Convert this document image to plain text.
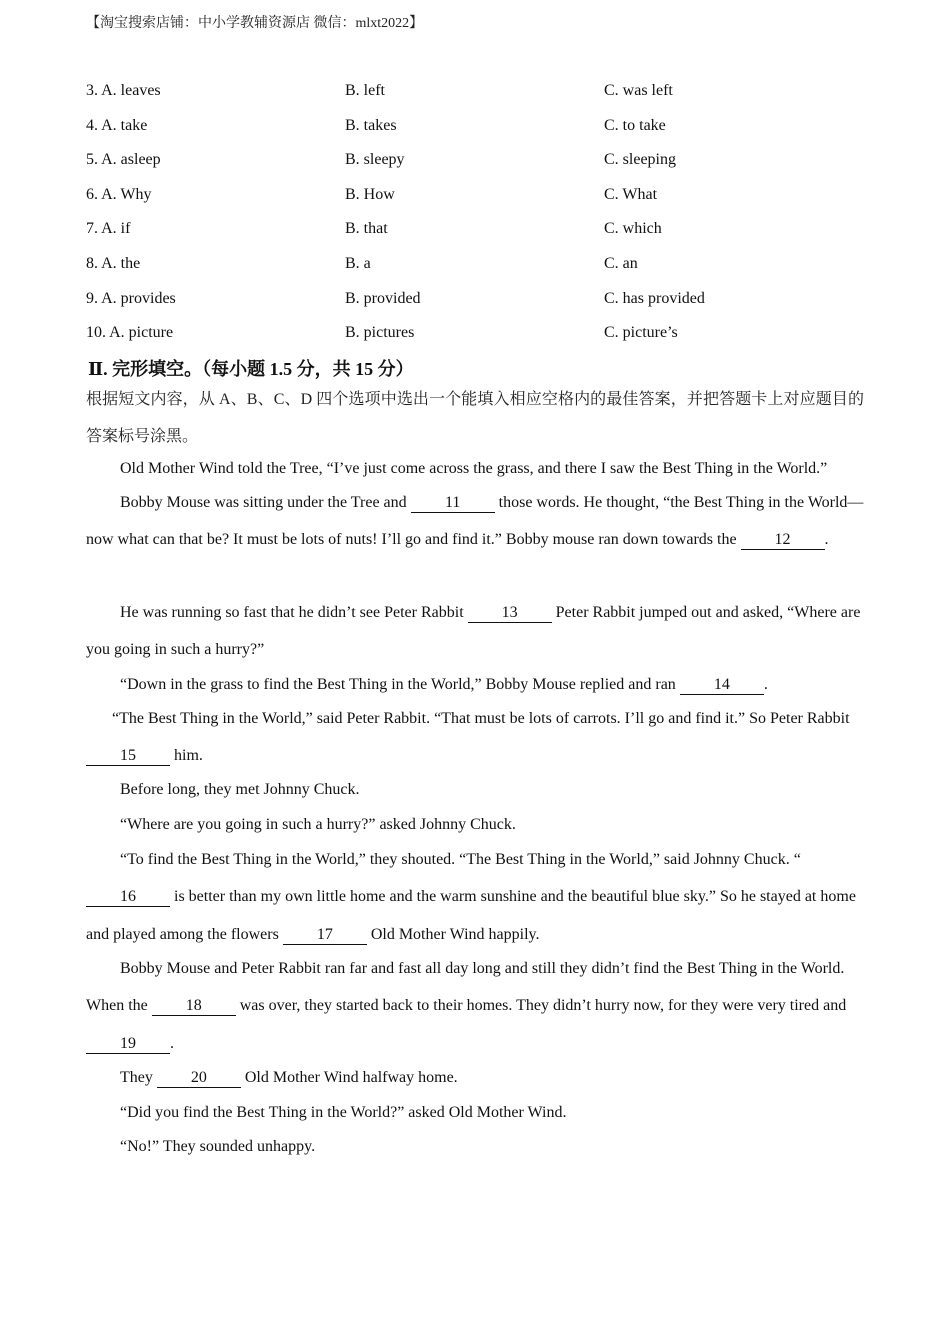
【淘宝搜索店铺：中小学教辅资源店 微信：mlxt2022】
3. A. leaves	B. left	C. was left
4. A. take	B. takes	C. to take
5. A. asleep	B. sleepy	C. sleeping
6. A. Why	B. How	C. What
7. A. if	B. that	C. which
8. A. the	B. a	C. an
9. A. provides	B. provided	C. has provided
10. A. picture	B. pictures	C. picture’s
Ⅱ. 完形填空。（每小题 1.5 分，共 15 分）
根据短文内容，从 A、B、C、D 四个选项中选出一个能填入相应空格内的最佳答案，并把答题卡上对应题目的答案标号涂黑。
Old Mother Wind told the Tree, “I’ve just come across the grass, and there I saw the Best Thing in the World.”
Bobby Mouse was sitting under the Tree and 11 those words. He thought, “the Best Thing in the World—now what can that be? It must be lots of nuts! I’ll go and find it.” Bobby mouse ran down towards the 12 .
He was running so fast that he didn’t see Peter Rabbit 13 Peter Rabbit jumped out and asked, “Where are you going in such a hurry?”
“Down in the grass to find the Best Thing in the World,” Bobby Mouse replied and ran 14 .
“The Best Thing in the World,” said Peter Rabbit. “That must be lots of carrots. I’ll go and find it.” So Peter Rabbit 15 him.
Before long, they met Johnny Chuck.
“Where are you going in such a hurry?” asked Johnny Chuck.
“To find the Best Thing in the World,” they shouted. “The Best Thing in the World,” said Johnny Chuck. “16 is better than my own little home and the warm sunshine and the beautiful blue sky.” So he stayed at home and played among the flowers 17 Old Mother Wind happily.
Bobby Mouse and Peter Rabbit ran far and fast all day long and still they didn’t find the Best Thing in the World. When the 18 was over, they started back to their homes. They didn’t hurry now, for they were very tired and 19 .
They 20 Old Mother Wind halfway home.
“Did you find the Best Thing in the World?” asked Old Mother Wind.
“No!” They sounded unhappy.
